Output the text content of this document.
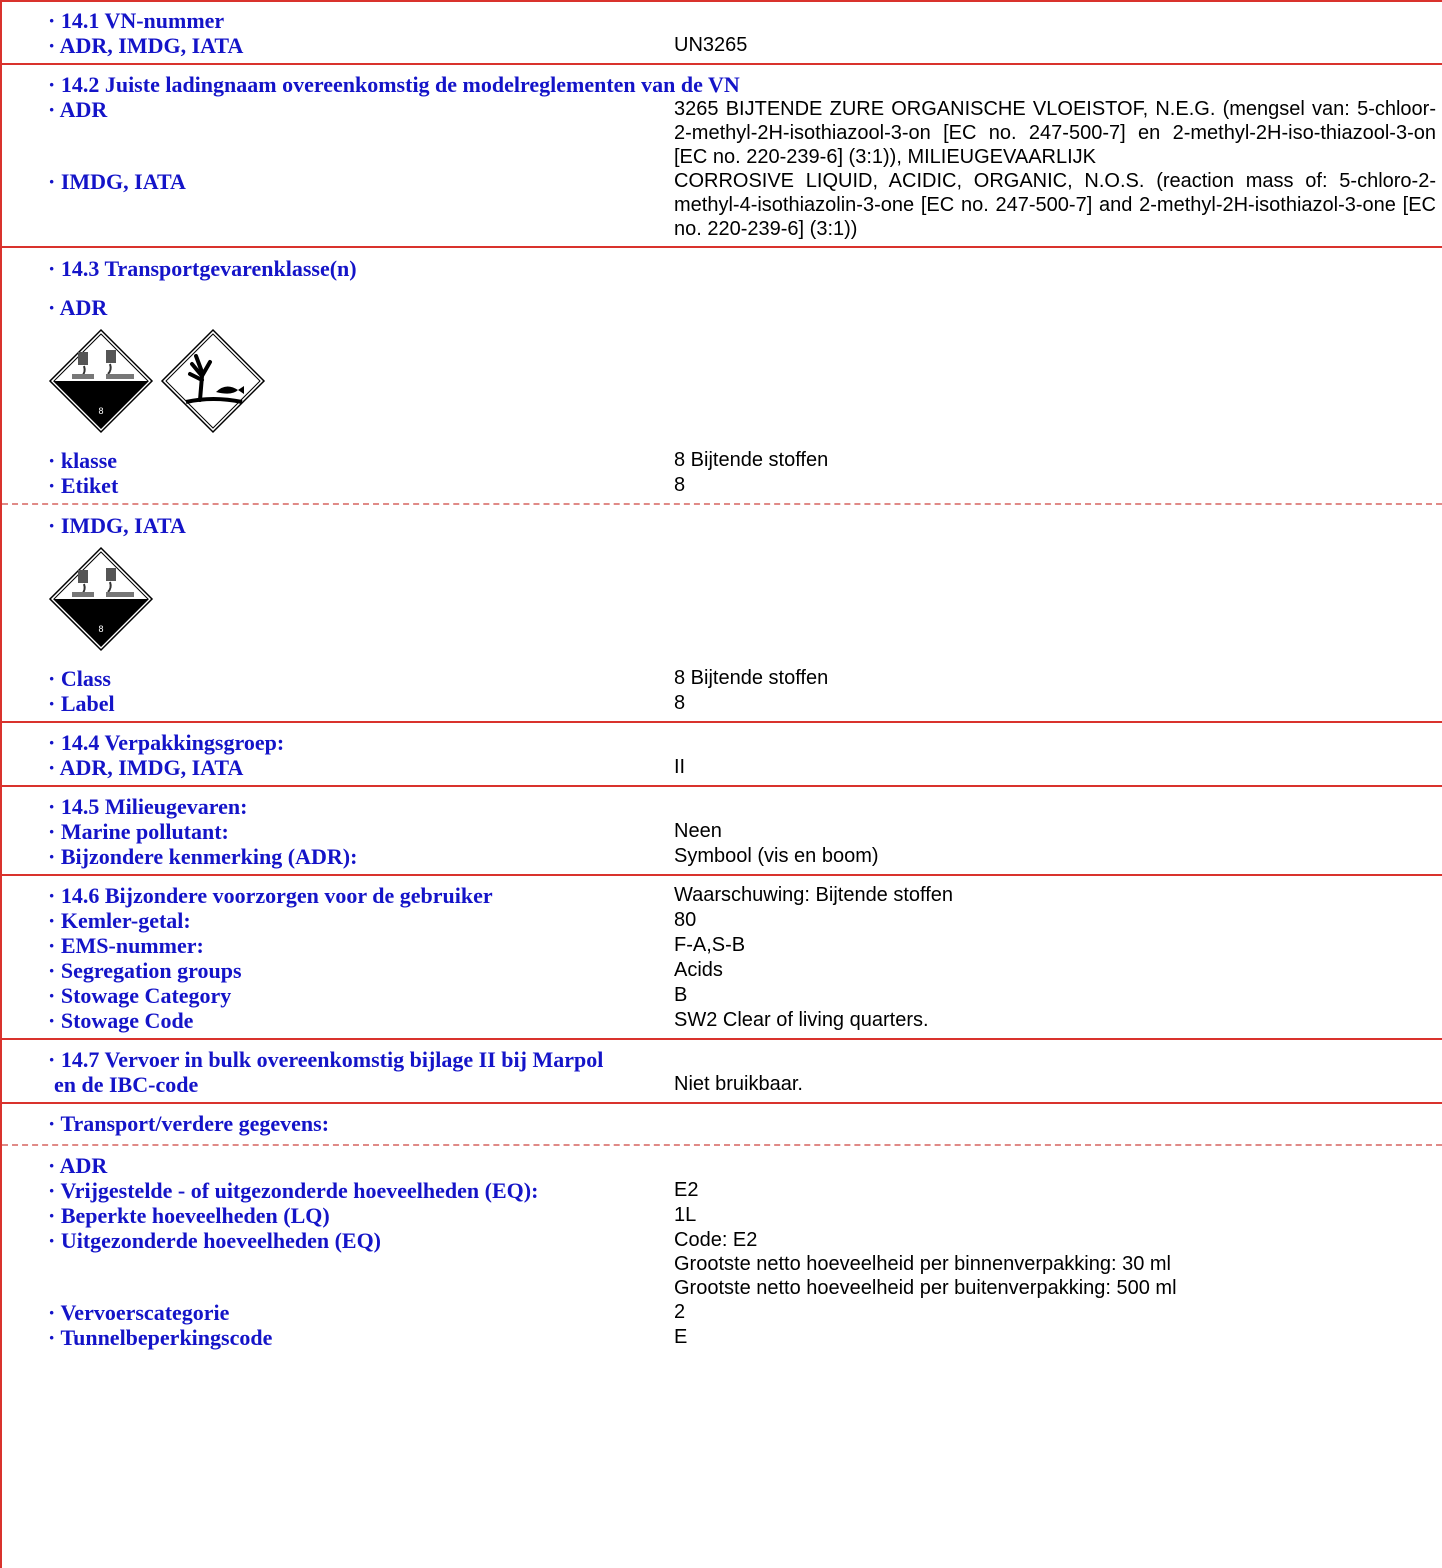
· 14.1 VN-nummer
· ADR, IMDG, IATA	UN3265
· 14.2 Juiste ladingnaam overeenkomstig de modelreglementen van de VN
· ADR	3265 BIJTENDE ZURE ORGANISCHE VLOEISTOF, N.E.G. (mengsel van: 5-chloor-2-methyl-2H-isothiazool-3-on [EC no. 247-500-7] en 2-methyl-2H-iso-thiazool-3-on [EC no. 220-239-6] (3:1)), MILIEUGEVAARLIJK
· IMDG, IATA	CORROSIVE LIQUID, ACIDIC, ORGANIC, N.O.S. (reaction mass of: 5-chloro-2-methyl-4-isothiazolin-3-one [EC no. 247-500-7] and 2-methyl-2H-isothiazol-3-one [EC no. 220-239-6] (3:1))
· 14.3 Transportgevarenklasse(n)
· ADR
8
· klasse	8 Bijtende stoffen
· Etiket	8
· IMDG, IATA
8
· Class	8 Bijtende stoffen
· Label	8
· 14.4 Verpakkingsgroep:
· ADR, IMDG, IATA	II
· 14.5 Milieugevaren:
· Marine pollutant:	Neen
· Bijzondere kenmerking (ADR):	Symbool (vis en boom)
· 14.6 Bijzondere voorzorgen voor de gebruiker	Waarschuwing: Bijtende stoffen
· Kemler-getal:	80
· EMS-nummer:	F-A,S-B
· Segregation groups	Acids
· Stowage Category	B
· Stowage Code	SW2 Clear of living quarters.
· 14.7 Vervoer in bulk overeenkomstig bijlage II bij Marpol
en de IBC-code	Niet bruikbaar.
· Transport/verdere gegevens:
· ADR
· Vrijgestelde - of uitgezonderde hoeveelheden (EQ):	E2
· Beperkte hoeveelheden (LQ)	1L
· Uitgezonderde hoeveelheden (EQ)	Code: E2
Grootste netto hoeveelheid per binnenverpakking: 30 ml
Grootste netto hoeveelheid per buitenverpakking: 500 ml
· Vervoerscategorie	2
· Tunnelbeperkingscode	E
